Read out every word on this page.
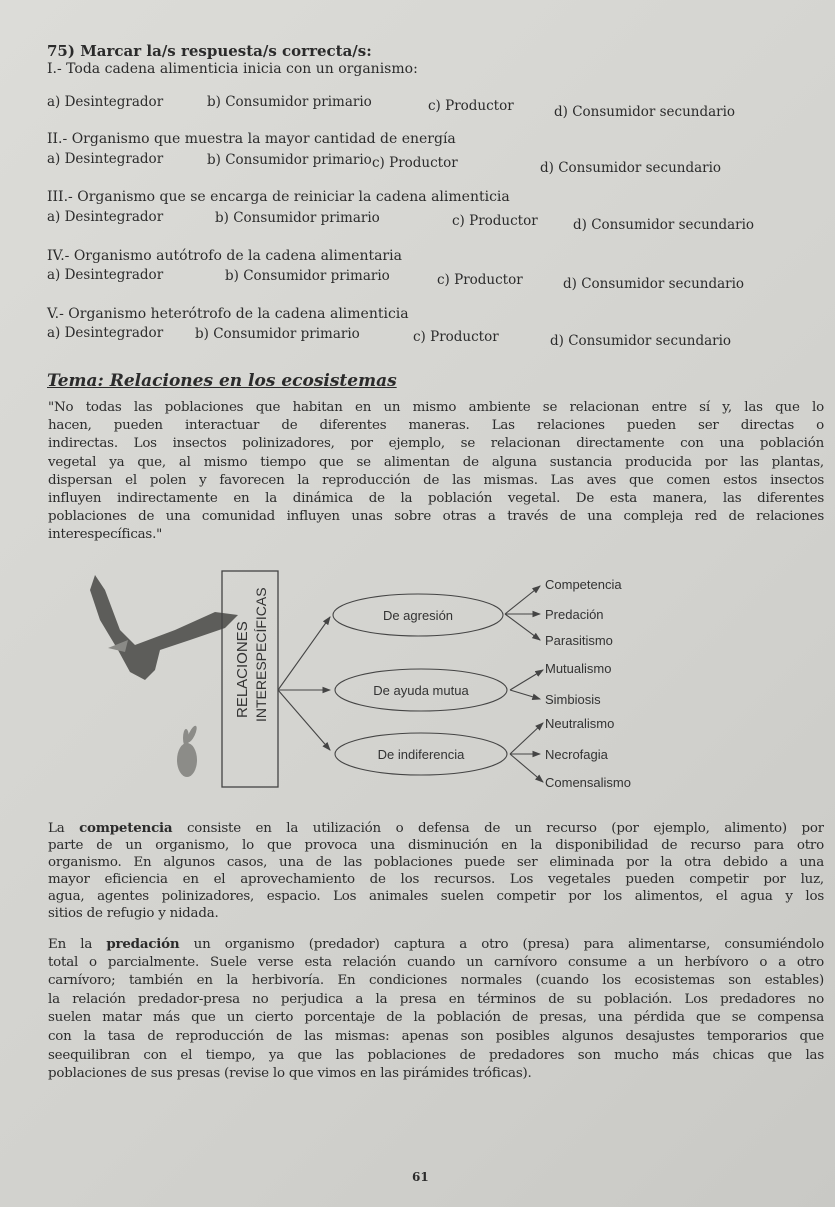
75) Marcar la/s respuesta/s correcta/s:
I.- Toda cadena alimenticia inicia con un organismo:
a) Desintegrador	b) Consumidor primario	c) Productor	d) Consumidor secundario
II.- Organismo que muestra la mayor cantidad de energía
a) Desintegrador	b) Consumidor primario c) Productor	d) Consumidor secundario
III.- Organismo que se encarga de reiniciar la cadena alimenticia
a) Desintegrador	b) Consumidor primario	c) Productor	d) Consumidor secundario
IV.- Organismo autótrofo de la cadena alimentaria
a) Desintegrador	b) Consumidor primario	c) Productor	d) Consumidor secundario
V.- Organismo heterótrofo de la cadena alimenticia
a) Desintegrador b) Consumidor primario	c) Productor	d) Consumidor secundario
Tema: Relaciones en los ecosistemas
"No todas las poblaciones que habitan en un mismo ambiente se relacionan entre sí y, las que lo
hacen, pueden interactuar de diferentes maneras. Las relaciones pueden ser directas o
indirectas. Los insectos polinizadores, por ejemplo, se relacionan directamente con una población
vegetal ya que, al mismo tiempo que se alimentan de alguna sustancia producida por las plantas,
dispersan el polen y favorecen la reproducción de las mismas. Las aves que comen estos insectos
influyen indirectamente en la dinámica de la población vegetal. De esta manera, las diferentes
poblaciones de una comunidad influyen unas sobre otras a través de una compleja red de relaciones
interespecíficas."
RELACIONES INTERESPECÍFICAS	De agresión
De ayuda mutua
De indiferencia
Competencia
Predación
Parasitismo
Mutualismo
Simbiosis
Neutralismo
Necrofagia
Comensalismo
La competencia consiste en la utilización o defensa de un recurso (por ejemplo, alimento) por
parte de un organismo, lo que provoca una disminución en la disponibilidad de recurso para otro
organismo. En algunos casos, una de las poblaciones puede ser eliminada por la otra debido a una
mayor eficiencia en el aprovechamiento de los recursos. Los vegetales pueden competir por luz,
agua, agentes polinizadores, espacio. Los animales suelen competir por los alimentos, el agua y los
sitios de refugio y nidada.
En la predación un organismo (predador) captura a otro (presa) para alimentarse, consumiéndolo
total o parcialmente. Suele verse esta relación cuando un carnívoro consume a un herbívoro o a otro
carnívoro; también en la herbivoría. En condiciones normales (cuando los ecosistemas son estables)
la relación predador-presa no perjudica a la presa en términos de su población. Los predadores no
suelen matar más que un cierto porcentaje de la población de presas, una pérdida que se compensa
con la tasa de reproducción de las mismas: apenas son posibles algunos desajustes temporarios que
seequilibran con el tiempo, ya que las poblaciones de predadores son mucho más chicas que las
poblaciones de sus presas (revise lo que vimos en las pirámides tróficas).
61
